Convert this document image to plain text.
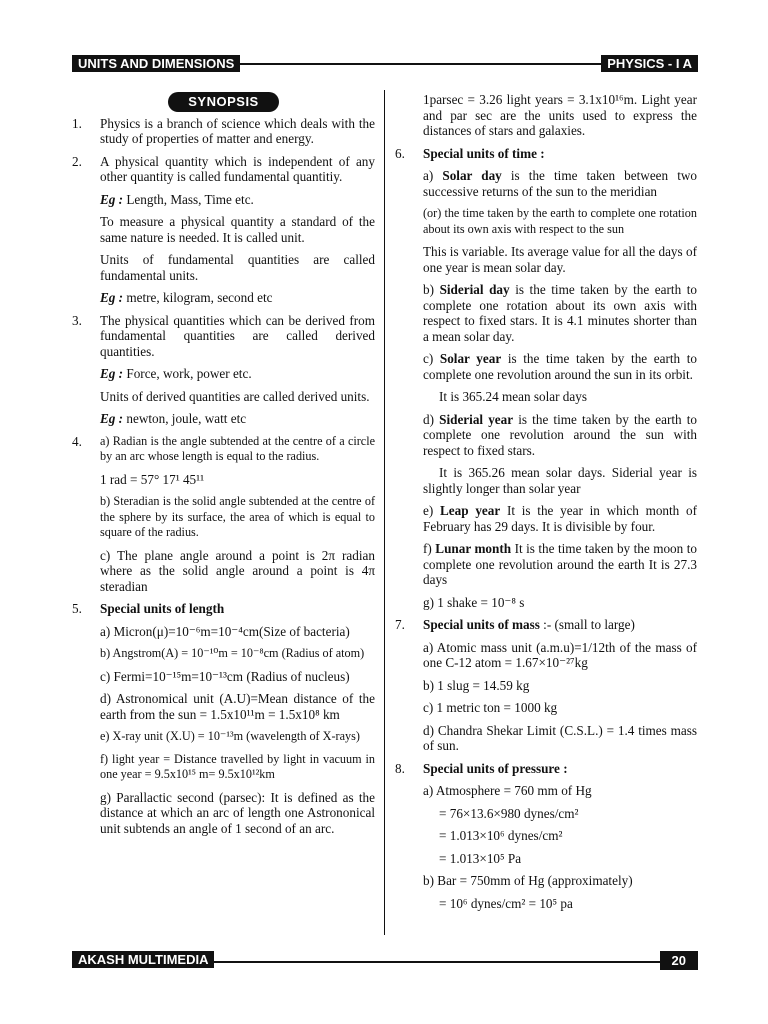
UNITS AND DIMENSIONS	PHYSICS - I A
SYNOPSIS
1.	Physics is a branch of science which deals with the study of properties of matter and energy.

2.	A physical quantity which is independent of any other quantity is called fundamental quantitiy.

Eg : Length, Mass, Time etc.

To measure a physical quantity a standard of the same nature is needed. It is called unit.

Units of fundamental quantities are called fundamental units.

Eg : metre, kilogram, second etc

3.	The physical quantities which can be derived from fundamental quantities are called derived quantities.

Eg : Force, work, power etc.

Units of derived quantities are called derived units.

Eg : newton, joule, watt etc

4.	a) Radian is the angle subtended at the centre of a circle by an arc whose length is equal to the radius.

1 rad = 57° 17¹ 45¹¹

b) Steradian is the solid angle subtended at the centre of the sphere by its surface, the area of which is equal to square of the radius.

c) The plane angle around a point is 2π radian where as the solid angle around a point is 4π steradian

5.	Special units of length

a) Micron(μ)=10⁻⁶m=10⁻⁴cm(Size of bacteria)

b) Angstrom(A) = 10⁻¹⁰m = 10⁻⁸cm (Radius of atom)

c) Fermi=10⁻¹⁵m=10⁻¹³cm (Radius of nucleus)

d) Astronomical unit (A.U)=Mean distance of the earth from the sun = 1.5x10¹¹m = 1.5x10⁸ km

e) X-ray unit (X.U) = 10⁻¹³m (wavelength of X-rays)

f) light year = Distance travelled by light in vacuum in one year = 9.5x10¹⁵ m= 9.5x10¹²km

g) Parallactic second (parsec): It is defined as the distance at which an arc of length one Astrononical unit subtends an angle of 1 second of an arc.

1parsec = 3.26 light years = 3.1x10¹⁶m. Light year and par sec are the units used to express the distances of stars and galaxies.

6.	Special units of time :

a) Solar day is the time taken between two successive returns of the sun to the meridian

(or) the time taken by the earth to complete one rotation about its own axis with respect to the sun

This is variable. Its average value for all the days of one year is mean solar day.

b) Siderial day is the time taken by the earth to complete one rotation about its own axis with respect to fixed stars. It is 4.1 minutes shorter than a mean solar day.

c) Solar year is the time taken by the earth to complete one revolution around the sun in its orbit.

It is 365.24 mean solar days

d) Siderial year is the time taken by the earth to complete one revolution around the sun with respect to fixed stars.

It is 365.26 mean solar days. Siderial year is slightly longer than solar year

e) Leap year It is the year in which month of February has 29 days. It is divisible by four.

f) Lunar month It is the time taken by the moon to complete one revolution around the earth It is 27.3 days

g) 1 shake = 10⁻⁸ s

7.	Special units of mass :- (small to large)

a) Atomic mass unit (a.m.u)=1/12th of the mass of one C-12 atom = 1.67×10⁻²⁷kg

b) 1 slug = 14.59 kg

c) 1 metric ton = 1000 kg

d) Chandra Shekar Limit (C.S.L.) = 1.4 times mass of sun.

8.	Special units of pressure :

a) Atmosphere = 760 mm of Hg

= 76×13.6×980 dynes/cm²

= 1.013×10⁶ dynes/cm²

= 1.013×10⁵ Pa

b) Bar = 750mm of Hg (approximately)

= 10⁶ dynes/cm² = 10⁵ pa

AKASH MULTIMEDIA	20
